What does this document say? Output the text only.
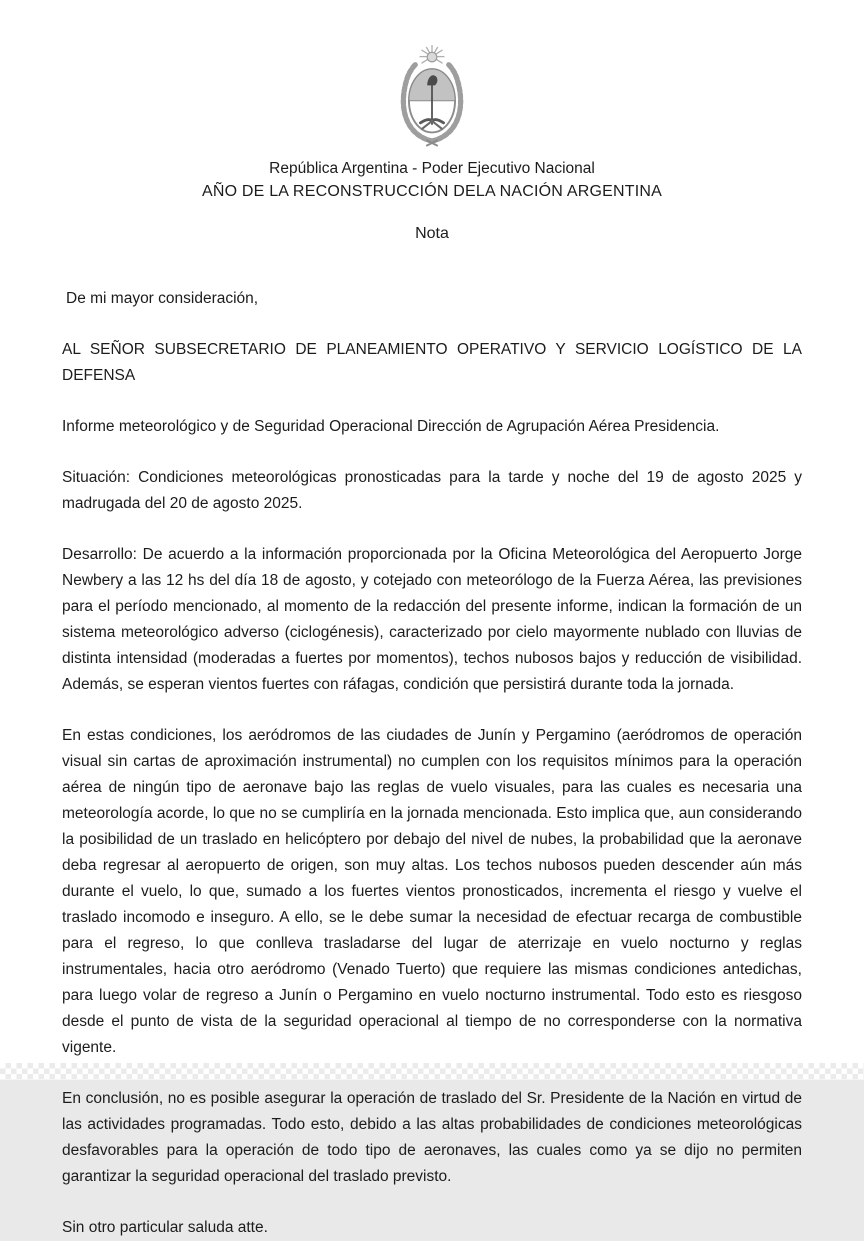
República Argentina - Poder Ejecutivo Nacional
AÑO DE LA RECONSTRUCCIÓN DELA NACIÓN ARGENTINA
Nota

De mi mayor consideración,

AL SEÑOR SUBSECRETARIO DE PLANEAMIENTO OPERATIVO Y SERVICIO LOGÍSTICO DE LA DEFENSA

Informe meteorológico y de Seguridad Operacional Dirección de Agrupación Aérea Presidencia.

Situación: Condiciones meteorológicas pronosticadas para la tarde y noche del 19 de agosto 2025 y madrugada del 20 de agosto 2025.

Desarrollo: De acuerdo a la información proporcionada por la Oficina Meteorológica del Aeropuerto Jorge Newbery a las 12 hs del día 18 de agosto, y cotejado con meteorólogo de la Fuerza Aérea, las previsiones para el período mencionado, al momento de la redacción del presente informe, indican la formación de un sistema meteorológico adverso (ciclogénesis), caracterizado por cielo mayormente nublado con lluvias de distinta intensidad (moderadas a fuertes por momentos), techos nubosos bajos y reducción de visibilidad. Además, se esperan vientos fuertes con ráfagas, condición que persistirá durante toda la jornada.

En estas condiciones, los aeródromos de las ciudades de Junín y Pergamino (aeródromos de operación visual sin cartas de aproximación instrumental) no cumplen con los requisitos mínimos para la operación aérea de ningún tipo de aeronave bajo las reglas de vuelo visuales, para las cuales es necesaria una meteorología acorde, lo que no se cumpliría en la jornada mencionada. Esto implica que, aun considerando la posibilidad de un traslado en helicóptero por debajo del nivel de nubes, la probabilidad que la aeronave deba regresar al aeropuerto de origen, son muy altas. Los techos nubosos pueden descender aún más durante el vuelo, lo que, sumado a los fuertes vientos pronosticados, incrementa el riesgo y vuelve el traslado incomodo e inseguro. A ello, se le debe sumar la necesidad de efectuar recarga de combustible para el regreso, lo que conlleva trasladarse del lugar de aterrizaje en vuelo nocturno y reglas instrumentales, hacia otro aeródromo (Venado Tuerto) que requiere las mismas condiciones antedichas, para luego volar de regreso a Junín o Pergamino en vuelo nocturno instrumental. Todo esto es riesgoso desde el punto de vista de la seguridad operacional al tiempo de no corresponderse con la normativa vigente.

En conclusión, no es posible asegurar la operación de traslado del Sr. Presidente de la Nación en virtud de las actividades programadas. Todo esto, debido a las altas probabilidades de condiciones meteorológicas desfavorables para la operación de todo tipo de aeronaves, las cuales como ya se dijo no permiten garantizar la seguridad operacional del traslado previsto.

Sin otro particular saluda atte.
